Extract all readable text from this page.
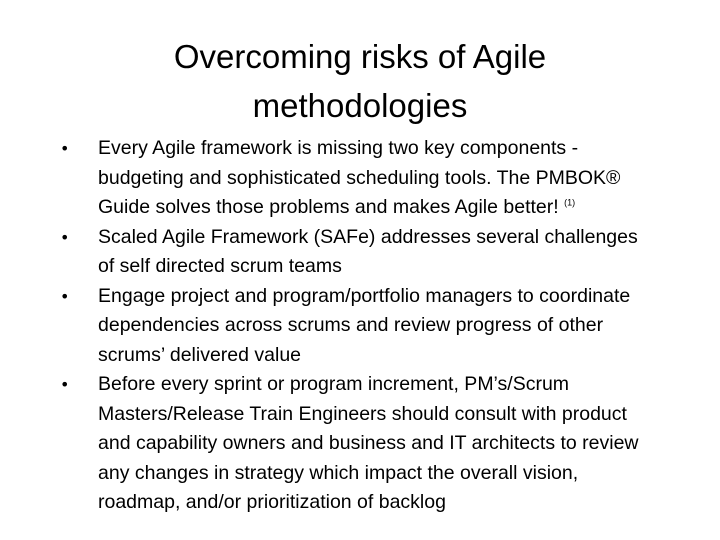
Overcoming risks of Agile methodologies
• Every Agile framework is missing two key components - budgeting and sophisticated scheduling tools. The PMBOK® Guide solves those problems and makes Agile better! $^{(1)}$
• Scaled Agile Framework (SAFe) addresses several challenges of self directed scrum teams
• Engage project and program/portfolio managers to coordinate dependencies across scrums and review progress of other scrums’ delivered value
• Before every sprint or program increment, PM’s/Scrum Masters/Release Train Engineers should consult with product and capability owners and business and IT architects to review any changes in strategy which impact the overall vision, roadmap, and/or prioritization of backlog
